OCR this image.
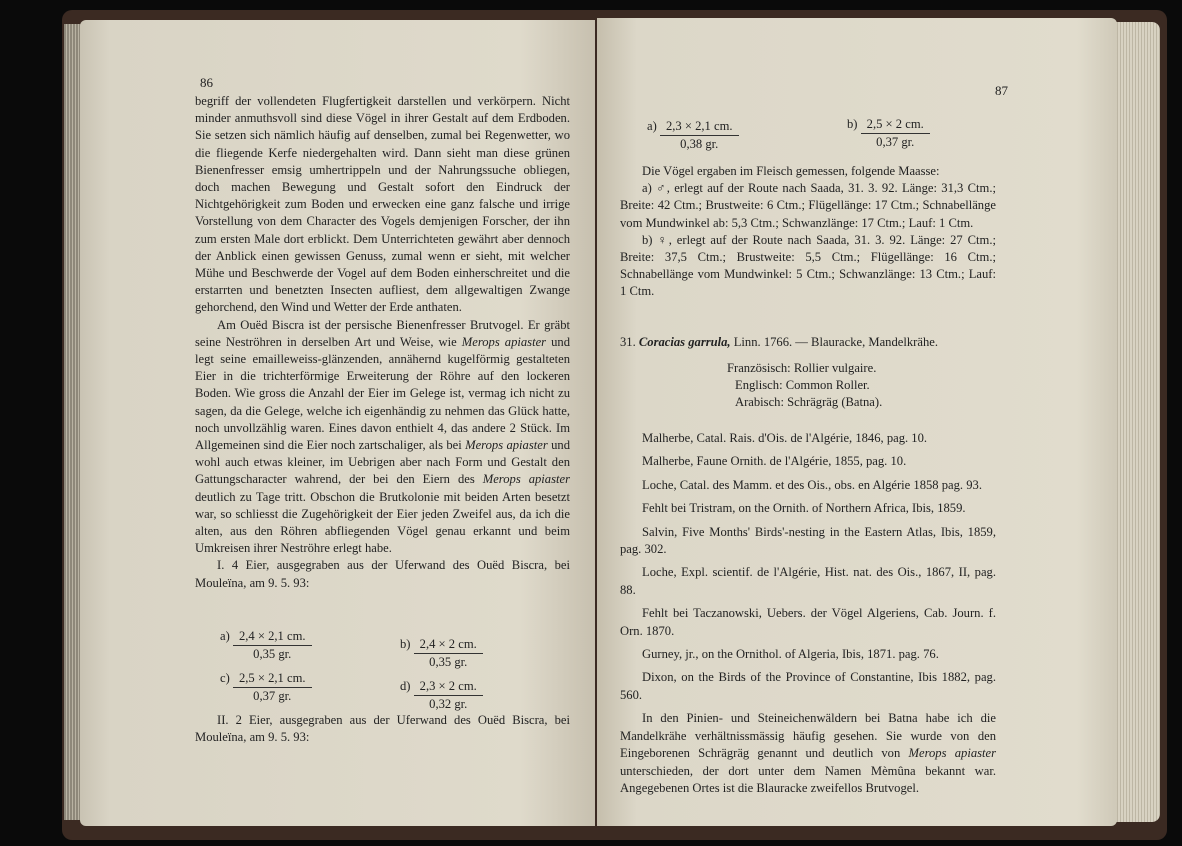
86

begriff der vollendeten Flugfertigkeit darstellen und verkörpern. Nicht minder anmuthsvoll sind diese Vögel in ihrer Gestalt auf dem Erdboden. Sie setzen sich nämlich häufig auf denselben, zumal bei Regenwetter, wo die fliegende Kerfe niedergehalten wird. Dann sieht man diese grünen Bienenfresser emsig umhertrippeln und der Nahrungssuche obliegen, doch machen Bewegung und Gestalt sofort den Eindruck der Nichtgehörigkeit zum Boden und erwecken eine ganz falsche und irrige Vorstellung von dem Character des Vogels demjenigen Forscher, der ihn zum ersten Male dort erblickt. Dem Unterrichteten gewährt aber dennoch der Anblick einen gewissen Genuss, zumal wenn er sieht, mit welcher Mühe und Beschwerde der Vogel auf dem Boden einherschreitet und die erstarrten und benetzten Insecten aufliest, dem allgewaltigen Zwange gehorchend, den Wind und Wetter der Erde anthaten.

Am Ouëd Biscra ist der persische Bienenfresser Brutvogel. Er gräbt seine Neströhren in derselben Art und Weise, wie Merops apiaster und legt seine emailleweiss-glänzenden, annähernd kugelförmig gestalteten Eier in die trichterförmige Erweiterung der Röhre auf den lockeren Boden. Wie gross die Anzahl der Eier im Gelege ist, vermag ich nicht zu sagen, da die Gelege, welche ich eigenhändig zu nehmen das Glück hatte, noch unvollzählig waren. Eines davon enthielt 4, das andere 2 Stück. Im Allgemeinen sind die Eier noch zartschaliger, als bei Merops apiaster und wohl auch etwas kleiner, im Uebrigen aber nach Form und Gestalt den Gattungscharacter wahrend, der bei den Eiern des Merops apiaster deutlich zu Tage tritt. Obschon die Brutkolonie mit beiden Arten besetzt war, so schliesst die Zugehörigkeit der Eier jeden Zweifel aus, da ich die alten, aus den Röhren abfliegenden Vögel genau erkannt und beim Umkreisen ihrer Neströhre erlegt habe.

I. 4 Eier, ausgegraben aus der Uferwand des Ouëd Biscra, bei Mouleïna, am 9. 5. 93:

$a) \frac{2,4 \times 2,1 cm.}{0,35 gr.}$	$b) \frac{2,4 \times 2 cm.}{0,35 gr.}$
$c) \frac{2,5 \times 2,1 cm.}{0,37 gr.}$	$d) \frac{2,3 \times 2 cm.}{0,32 gr.}$

II. 2 Eier, ausgegraben aus der Uferwand des Ouëd Biscra, bei Mouleïna, am 9. 5. 93:

87
$a) \frac{2,3 \times 2,1 cm.}{0,38 gr.}$	$b) \frac{2,5 \times 2 cm.}{0,37 gr.}$

Die Vögel ergaben im Fleisch gemessen, folgende Maasse:

a) ♂, erlegt auf der Route nach Saada, 31. 3. 92. Länge: 31,3 Ctm.; Breite: 42 Ctm.; Brustweite: 6 Ctm.; Flügellänge: 17 Ctm.; Schnabellänge vom Mundwinkel ab: 5,3 Ctm.; Schwanzlänge: 17 Ctm.; Lauf: 1 Ctm.

b) ♀, erlegt auf der Route nach Saada, 31. 3. 92. Länge: 27 Ctm.; Breite: 37,5 Ctm.; Brustweite: 5,5 Ctm.; Flügellänge: 16 Ctm.; Schnabellänge vom Mundwinkel: 5 Ctm.; Schwanzlänge: 13 Ctm.; Lauf: 1 Ctm.

31. Coracias garrula, Linn. 1766. — Blauracke, Mandelkrähe.

Französisch: Rollier vulgaire.

Englisch: Common Roller.

Arabisch: Schrägräg (Batna).

Malherbe, Catal. Rais. d'Ois. de l'Algérie, 1846, pag. 10.

Malherbe, Faune Ornith. de l'Algérie, 1855, pag. 10.

Loche, Catal. des Mamm. et des Ois., obs. en Algérie 1858 pag. 93.

Fehlt bei Tristram, on the Ornith. of Northern Africa, Ibis, 1859.

Salvin, Five Months' Birds'-nesting in the Eastern Atlas, Ibis, 1859, pag. 302.

Loche, Expl. scientif. de l'Algérie, Hist. nat. des Ois., 1867, II, pag. 88.

Fehlt bei Taczanowski, Uebers. der Vögel Algeriens, Cab. Journ. f. Orn. 1870.

Gurney, jr., on the Ornithol. of Algeria, Ibis, 1871. pag. 76.

Dixon, on the Birds of the Province of Constantine, Ibis 1882, pag. 560.

In den Pinien- und Steineichenwäldern bei Batna habe ich die Mandelkrähe verhältnissmässig häufig gesehen. Sie wurde von den Eingeborenen Schrägräg genannt und deutlich von Merops apiaster unterschieden, der dort unter dem Namen Mèmûna bekannt war. Angegebenen Ortes ist die Blauracke zweifellos Brutvogel.
